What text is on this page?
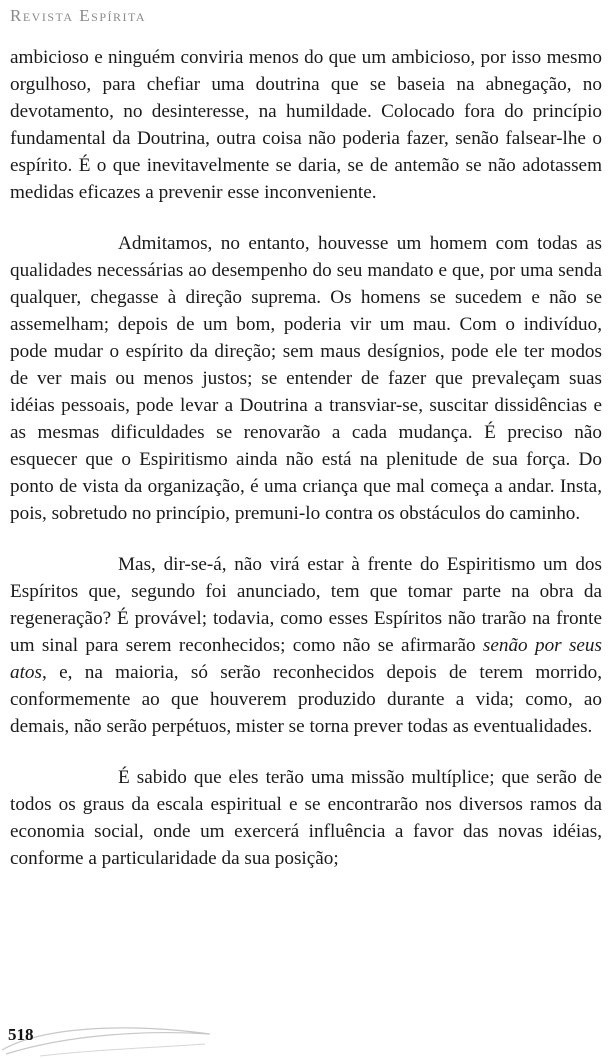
Revista Espírita

ambicioso e ninguém conviria menos do que um ambicioso, por isso mesmo orgulhoso, para chefiar uma doutrina que se baseia na abnegação, no devotamento, no desinteresse, na humildade. Colocado fora do princípio fundamental da Doutrina, outra coisa não poderia fazer, senão falsear-lhe o espírito. É o que inevitavelmente se daria, se de antemão se não adotassem medidas eficazes a prevenir esse inconveniente.

Admitamos, no entanto, houvesse um homem com todas as qualidades necessárias ao desempenho do seu mandato e que, por uma senda qualquer, chegasse à direção suprema. Os homens se sucedem e não se assemelham; depois de um bom, poderia vir um mau. Com o indivíduo, pode mudar o espírito da direção; sem maus desígnios, pode ele ter modos de ver mais ou menos justos; se entender de fazer que prevaleçam suas idéias pessoais, pode levar a Doutrina a transviar-se, suscitar dissidências e as mesmas dificuldades se renovarão a cada mudança. É preciso não esquecer que o Espiritismo ainda não está na plenitude de sua força. Do ponto de vista da organização, é uma criança que mal começa a andar. Insta, pois, sobretudo no princípio, premuni-lo contra os obstáculos do caminho.

Mas, dir-se-á, não virá estar à frente do Espiritismo um dos Espíritos que, segundo foi anunciado, tem que tomar parte na obra da regeneração? É provável; todavia, como esses Espíritos não trarão na fronte um sinal para serem reconhecidos; como não se afirmarão senão por seus atos, e, na maioria, só serão reconhecidos depois de terem morrido, conformemente ao que houverem produzido durante a vida; como, ao demais, não serão perpétuos, mister se torna prever todas as eventualidades.

É sabido que eles terão uma missão multíplice; que serão de todos os graus da escala espiritual e se encontrarão nos diversos ramos da economia social, onde um exercerá influência a favor das novas idéias, conforme a particularidade da sua posição;

518
